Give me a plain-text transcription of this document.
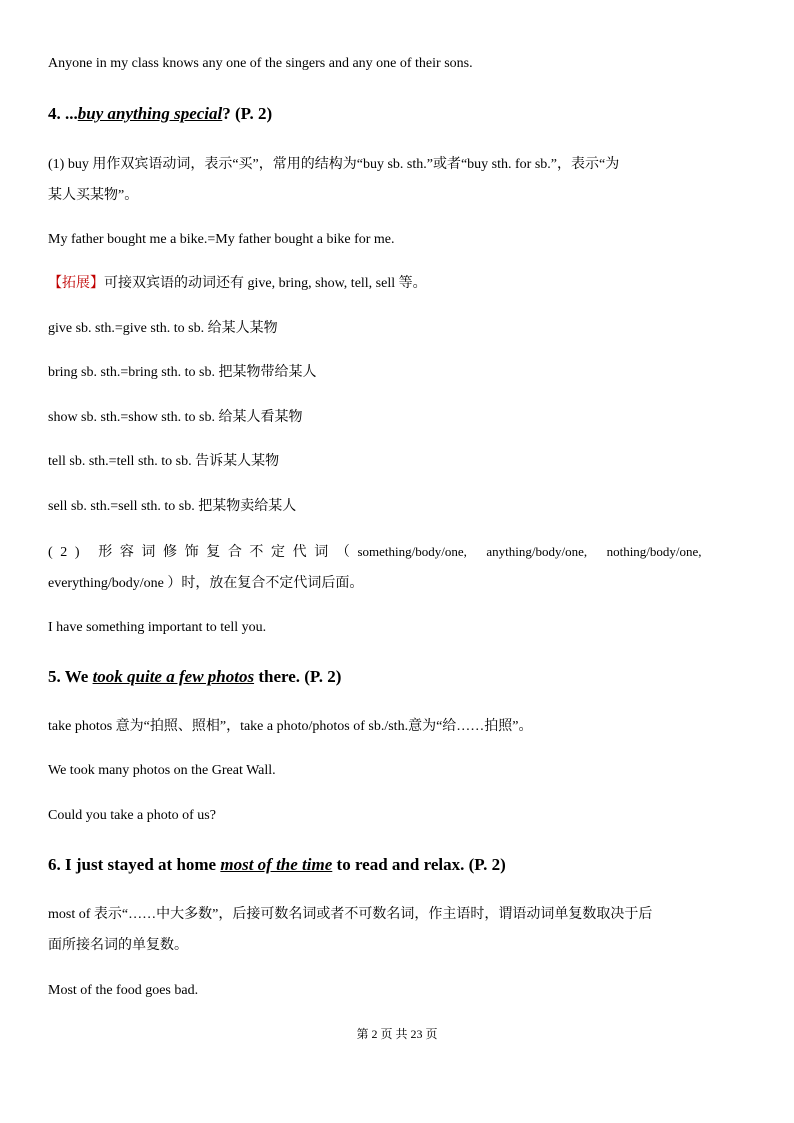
Anyone in my class knows any one of the singers and any one of their sons.
4. ...buy anything special? (P. 2)
(1) buy 用作双宾语动词，表示“买”，常用的结构为“buy sb. sth.”或者“buy sth. for sb.”，表示“为
某人买某物”。
My father bought me a bike.=My father bought a bike for me.
【拓展】可接双宾语的动词还有 give, bring, show, tell, sell 等。
give sb. sth.=give sth. to sb. 给某人某物
bring sb. sth.=bring sth. to sb. 把某物带给某人
show sb. sth.=show sth. to sb. 给某人看某物
tell sb. sth.=tell sth. to sb. 告诉某人某物
sell sb. sth.=sell sth. to sb. 把某物卖给某人
(2) 形容词修饰复合不定代词（something/body/one,      anything/body/one,      nothing/body/one,
everything/body/one ）时，放在复合不定代词后面。
I have something important to tell you.
5. We took quite a few photos there. (P. 2)
take photos 意为“拍照、照相”，take a photo/photos of sb./sth.意为“给……拍照”。
We took many photos on the Great Wall.
Could you take a photo of us?
6. I just stayed at home most of the time to read and relax. (P. 2)
most of 表示“……中大多数”，后接可数名词或者不可数名词，作主语时，谓语动词单复数取决于后
面所接名词的单复数。
Most of the food goes bad.
第 2 页 共 23 页
